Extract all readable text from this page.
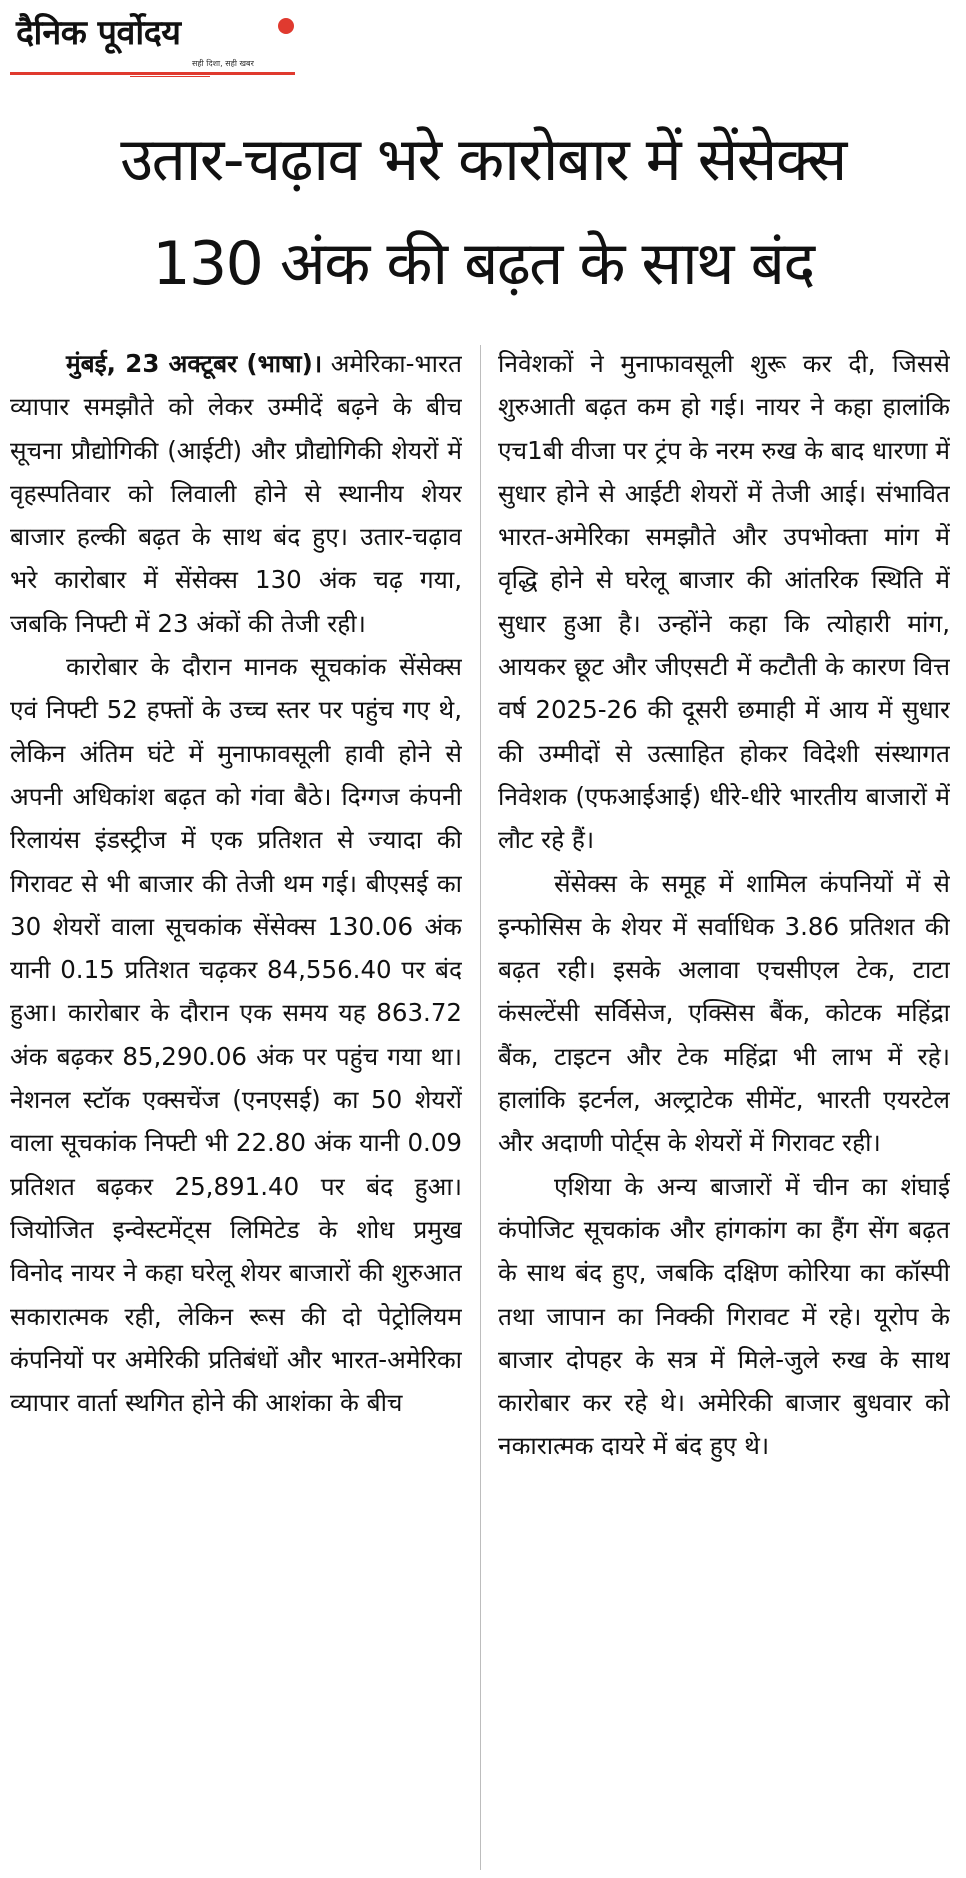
दैनिक पूर्वोदय
सही दिशा, सही खबर
उतार-चढ़ाव भरे कारोबार में सेंसेक्स
130 अंक की बढ़त के साथ बंद

मुंबई, 23 अक्टूबर (भाषा)। अमेरिका-भारत व्यापार समझौते को लेकर उम्मीदें बढ़ने के बीच सूचना प्रौद्योगिकी (आईटी) और प्रौद्योगिकी शेयरों में वृहस्पतिवार को लिवाली होने से स्थानीय शेयर बाजार हल्की बढ़त के साथ बंद हुए। उतार-चढ़ाव भरे कारोबार में सेंसेक्स 130 अंक चढ़ गया, जबकि निफ्टी में 23 अंकों की तेजी रही।

कारोबार के दौरान मानक सूचकांक सेंसेक्स एवं निफ्टी 52 हफ्तों के उच्च स्तर पर पहुंच गए थे, लेकिन अंतिम घंटे में मुनाफावसूली हावी होने से अपनी अधिकांश बढ़त को गंवा बैठे। दिग्गज कंपनी रिलायंस इंडस्ट्रीज में एक प्रतिशत से ज्यादा की गिरावट से भी बाजार की तेजी थम गई। बीएसई का 30 शेयरों वाला सूचकांक सेंसेक्स 130.06 अंक यानी 0.15 प्रतिशत चढ़कर 84,556.40 पर बंद हुआ। कारोबार के दौरान एक समय यह 863.72 अंक बढ़कर 85,290.06 अंक पर पहुंच गया था। नेशनल स्टॉक एक्सचेंज (एनएसई) का 50 शेयरों वाला सूचकांक निफ्टी भी 22.80 अंक यानी 0.09 प्रतिशत बढ़कर 25,891.40 पर बंद हुआ। जियोजित इन्वेस्टमेंट्स लिमिटेड के शोध प्रमुख विनोद नायर ने कहा घरेलू शेयर बाजारों की शुरुआत सकारात्मक रही, लेकिन रूस की दो पेट्रोलियम कंपनियों पर अमेरिकी प्रतिबंधों और भारत-अमेरिका व्यापार वार्ता स्थगित होने की आशंका के बीच

निवेशकों ने मुनाफावसूली शुरू कर दी, जिससे शुरुआती बढ़त कम हो गई। नायर ने कहा हालांकि एच1बी वीजा पर ट्रंप के नरम रुख के बाद धारणा में सुधार होने से आईटी शेयरों में तेजी आई। संभावित भारत-अमेरिका समझौते और उपभोक्ता मांग में वृद्धि होने से घरेलू बाजार की आंतरिक स्थिति में सुधार हुआ है। उन्होंने कहा कि त्योहारी मांग, आयकर छूट और जीएसटी में कटौती के कारण वित्त वर्ष 2025-26 की दूसरी छमाही में आय में सुधार की उम्मीदों से उत्साहित होकर विदेशी संस्थागत निवेशक (एफआईआई) धीरे-धीरे भारतीय बाजारों में लौट रहे हैं।

सेंसेक्स के समूह में शामिल कंपनियों में से इन्फोसिस के शेयर में सर्वाधिक 3.86 प्रतिशत की बढ़त रही। इसके अलावा एचसीएल टेक, टाटा कंसल्टेंसी सर्विसेज, एक्सिस बैंक, कोटक महिंद्रा बैंक, टाइटन और टेक महिंद्रा भी लाभ में रहे। हालांकि इटर्नल, अल्ट्राटेक सीमेंट, भारती एयरटेल और अदाणी पोर्ट्स के शेयरों में गिरावट रही।

एशिया के अन्य बाजारों में चीन का शंघाई कंपोजिट सूचकांक और हांगकांग का हैंग सेंग बढ़त के साथ बंद हुए, जबकि दक्षिण कोरिया का कॉस्पी तथा जापान का निक्की गिरावट में रहे। यूरोप के बाजार दोपहर के सत्र में मिले-जुले रुख के साथ कारोबार कर रहे थे। अमेरिकी बाजार बुधवार को नकारात्मक दायरे में बंद हुए थे।
